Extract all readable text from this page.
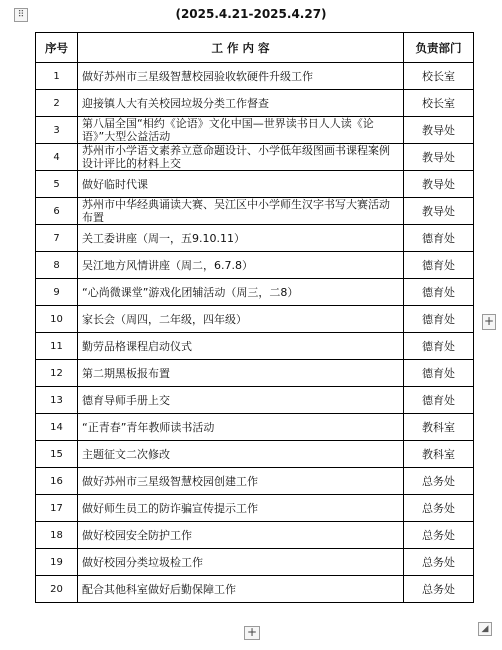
⠿	(2025.4.21-2025.4.27)
序号	工 作 内 容	负责部门
1	做好苏州市三星级智慧校园验收软硬件升级工作	校长室
2	迎接镇人大有关校园垃圾分类工作督查	校长室
3	第八届全国“相约《论语》文化中国—世界读书日人人读《论语》”大型公益活动	教导处
4	苏州市小学语文素养立意命题设计、小学低年级图画书课程案例设计评比的材料上交	教导处
5	做好临时代课	教导处
6	苏州市中华经典诵读大赛、吴江区中小学师生汉字书写大赛活动布置	教导处
7	关工委讲座（周一，五9.10.11）	德育处
8	吴江地方风情讲座（周二，6.7.8）	德育处
9	“心尚微课堂”游戏化团辅活动（周三，二8）	德育处
10	家长会（周四，二年级，四年级）	德育处
11	勤劳品格课程启动仪式	德育处
12	第二期黑板报布置	德育处
13	德育导师手册上交	德育处
14	“正青春”青年教师读书活动	教科室
15	主题征文二次修改	教科室
16	做好苏州市三星级智慧校园创建工作	总务处
17	做好师生员工的防诈骗宣传提示工作	总务处
18	做好校园安全防护工作	总务处
19	做好校园分类垃圾检工作	总务处
20	配合其他科室做好后勤保障工作	总务处
+
+	◢
